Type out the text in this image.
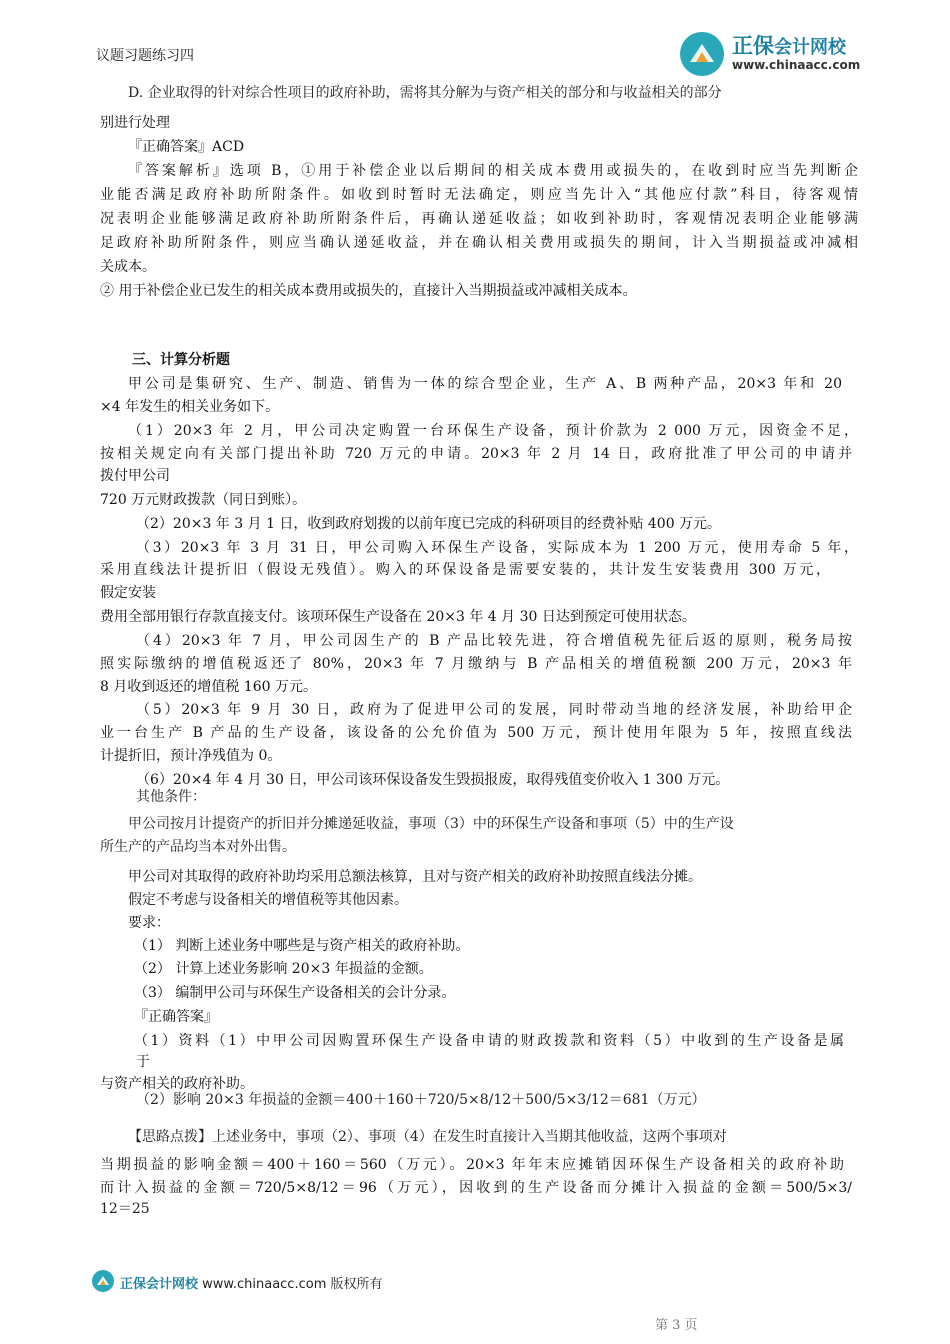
正保会计网校
www.chinaacc.com
议题习题练习四
D. 企业取得的针对综合性项目的政府补助，需将其分解为与资产相关的部分和与收益相关的部分
别进行处理
『正确答案』ACD
『答案解析』选项 B，①用于补偿企业以后期间的相关成本费用或损失的，在收到时应当先判断企
业能否满足政府补助所附条件。如收到时暂时无法确定，则应当先计入“其他应付款”科目，待客观情
况表明企业能够满足政府补助所附条件后，再确认递延收益；如收到补助时，客观情况表明企业能够满
足政府补助所附条件，则应当确认递延收益，并在确认相关费用或损失的期间，计入当期损益或冲减相
关成本。
② 用于补偿企业已发生的相关成本费用或损失的，直接计入当期损益或冲减相关成本。
三、计算分析题
甲公司是集研究、生产、制造、销售为一体的综合型企业，生产 A、B 两种产品，20×3 年和 20
×4 年发生的相关业务如下。
（1）20×3 年 2 月，甲公司决定购置一台环保生产设备，预计价款为 2 000 万元，因资金不足，
按相关规定向有关部门提出补助 720 万元的申请。20×3 年 2 月 14 日，政府批准了甲公司的申请并
拨付甲公司
720 万元财政拨款（同日到账）。
（2）20×3 年 3 月 1 日，收到政府划拨的以前年度已完成的科研项目的经费补贴 400 万元。
（3）20×3 年 3 月 31 日，甲公司购入环保生产设备，实际成本为 1 200 万元，使用寿命 5 年，
采用直线法计提折旧（假设无残值）。购入的环保设备是需要安装的，共计发生安装费用 300 万元，
假定安装
费用全部用银行存款直接支付。该项环保生产设备在 20×3 年 4 月 30 日达到预定可使用状态。
（4）20×3 年 7 月，甲公司因生产的 B 产品比较先进，符合增值税先征后返的原则，税务局按
照实际缴纳的增值税返还了 80%，20×3 年 7 月缴纳与 B 产品相关的增值税额 200 万元，20×3 年
8 月收到返还的增值税 160 万元。
（5）20×3 年 9 月 30 日，政府为了促进甲公司的发展，同时带动当地的经济发展，补助给甲企
业一台生产 B 产品的生产设备，该设备的公允价值为 500 万元，预计使用年限为 5 年，按照直线法
计提折旧，预计净残值为 0。
（6）20×4 年 4 月 30 日，甲公司该环保设备发生毁损报废，取得残值变价收入 1 300 万元。
其他条件：
甲公司按月计提资产的折旧并分摊递延收益，事项（3）中的环保生产设备和事项（5）中的生产设
所生产的产品均当本对外出售。
甲公司对其取得的政府补助均采用总额法核算，且对与资产相关的政府补助按照直线法分摊。
假定不考虑与设备相关的增值税等其他因素。
要求：
（1） 判断上述业务中哪些是与资产相关的政府补助。
（2） 计算上述业务影响 20×3 年损益的金额。
（3） 编制甲公司与环保生产设备相关的会计分录。
『正确答案』
（1）资料（1）中甲公司因购置环保生产设备申请的财政拨款和资料（5）中收到的生产设备是属
于
与资产相关的政府补助。
（2）影响 20×3 年损益的金额＝400＋160＋720/5×8/12＋500/5×3/12＝681（万元）
【思路点拨】上述业务中，事项（2）、事项（4）在发生时直接计入当期其他收益，这两个事项对
当期损益的影响金额＝400＋160＝560（万元）。20×3 年年末应摊销因环保生产设备相关的政府补助
而计入损益的金额＝720/5×8/12＝96（万元），因收到的生产设备而分摊计入损益的金额＝500/5×3/
12＝25
正保会计网校 www.chinaacc.com 版权所有
第 3 页
